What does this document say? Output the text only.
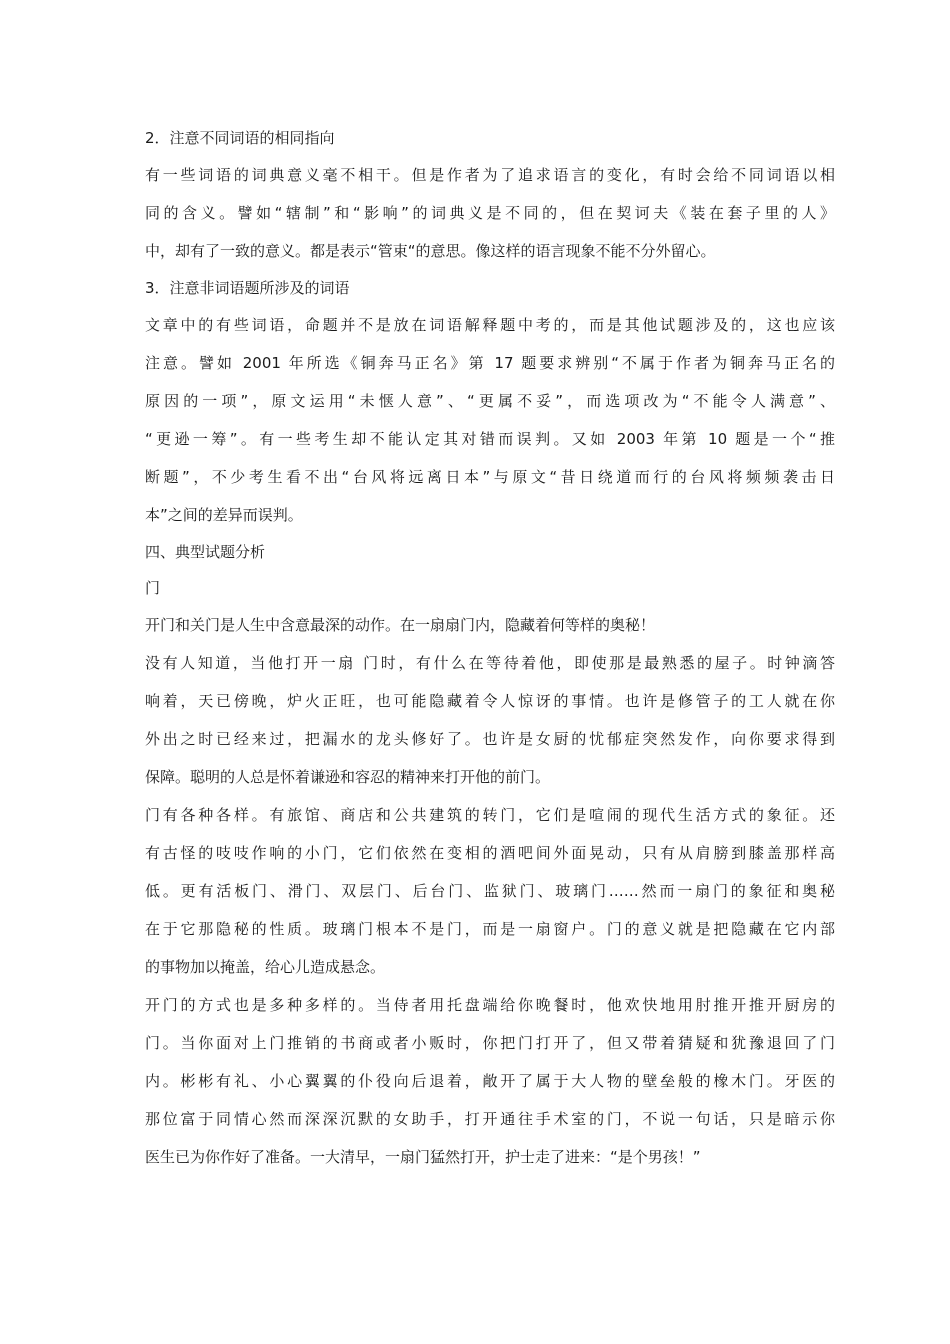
2．注意不同词语的相同指向
有一些词语的词典意义毫不相干。但是作者为了追求语言的变化，有时会给不同词语以相
同的含义。譬如“辖制”和“影响”的词典义是不同的，但在契诃夫《装在套子里的人》
中，却有了一致的意义。都是表示“管束“的意思。像这样的语言现象不能不分外留心。
3．注意非词语题所涉及的词语
文章中的有些词语，命题并不是放在词语解释题中考的，而是其他试题涉及的，这也应该
注意。譬如 2001 年所选《铜奔马正名》第 17 题要求辨别“不属于作者为铜奔马正名的
原因的一项”，原文运用“未惬人意”、“更属不妥”，而选项改为“不能令人满意”、
“更逊一筹”。有一些考生却不能认定其对错而误判。又如 2003 年第 10 题是一个“推
断题”，不少考生看不出“台风将远离日本”与原文“昔日绕道而行的台风将频频袭击日
本”之间的差异而误判。
四、典型试题分析
门
开门和关门是人生中含意最深的动作。在一扇扇门内，隐藏着何等样的奥秘！
没有人知道，当他打开一扇 门时，有什么在等待着他，即使那是最熟悉的屋子。时钟滴答
响着，天已傍晚，炉火正旺，也可能隐藏着令人惊讶的事情。也许是修管子的工人就在你
外出之时已经来过，把漏水的龙头修好了。也许是女厨的忧郁症突然发作，向你要求得到
保障。聪明的人总是怀着谦逊和容忍的精神来打开他的前门。
门有各种各样。有旅馆、商店和公共建筑的转门，它们是喧闹的现代生活方式的象征。还
有古怪的吱吱作响的小门，它们依然在变相的酒吧间外面晃动，只有从肩膀到膝盖那样高
低。更有活板门、滑门、双层门、后台门、监狱门、玻璃门……然而一扇门的象征和奥秘
在于它那隐秘的性质。玻璃门根本不是门，而是一扇窗户。门的意义就是把隐藏在它内部
的事物加以掩盖，给心儿造成悬念。
开门的方式也是多种多样的。当侍者用托盘端给你晚餐时，他欢快地用肘推开推开厨房的
门。当你面对上门推销的书商或者小贩时，你把门打开了，但又带着猜疑和犹豫退回了门
内。彬彬有礼、小心翼翼的仆役向后退着，敞开了属于大人物的壁垒般的橡木门。牙医的
那位富于同情心然而深深沉默的女助手，打开通往手术室的门，不说一句话，只是暗示你
医生已为你作好了准备。一大清早，一扇门猛然打开，护士走了进来：“是个男孩！”
